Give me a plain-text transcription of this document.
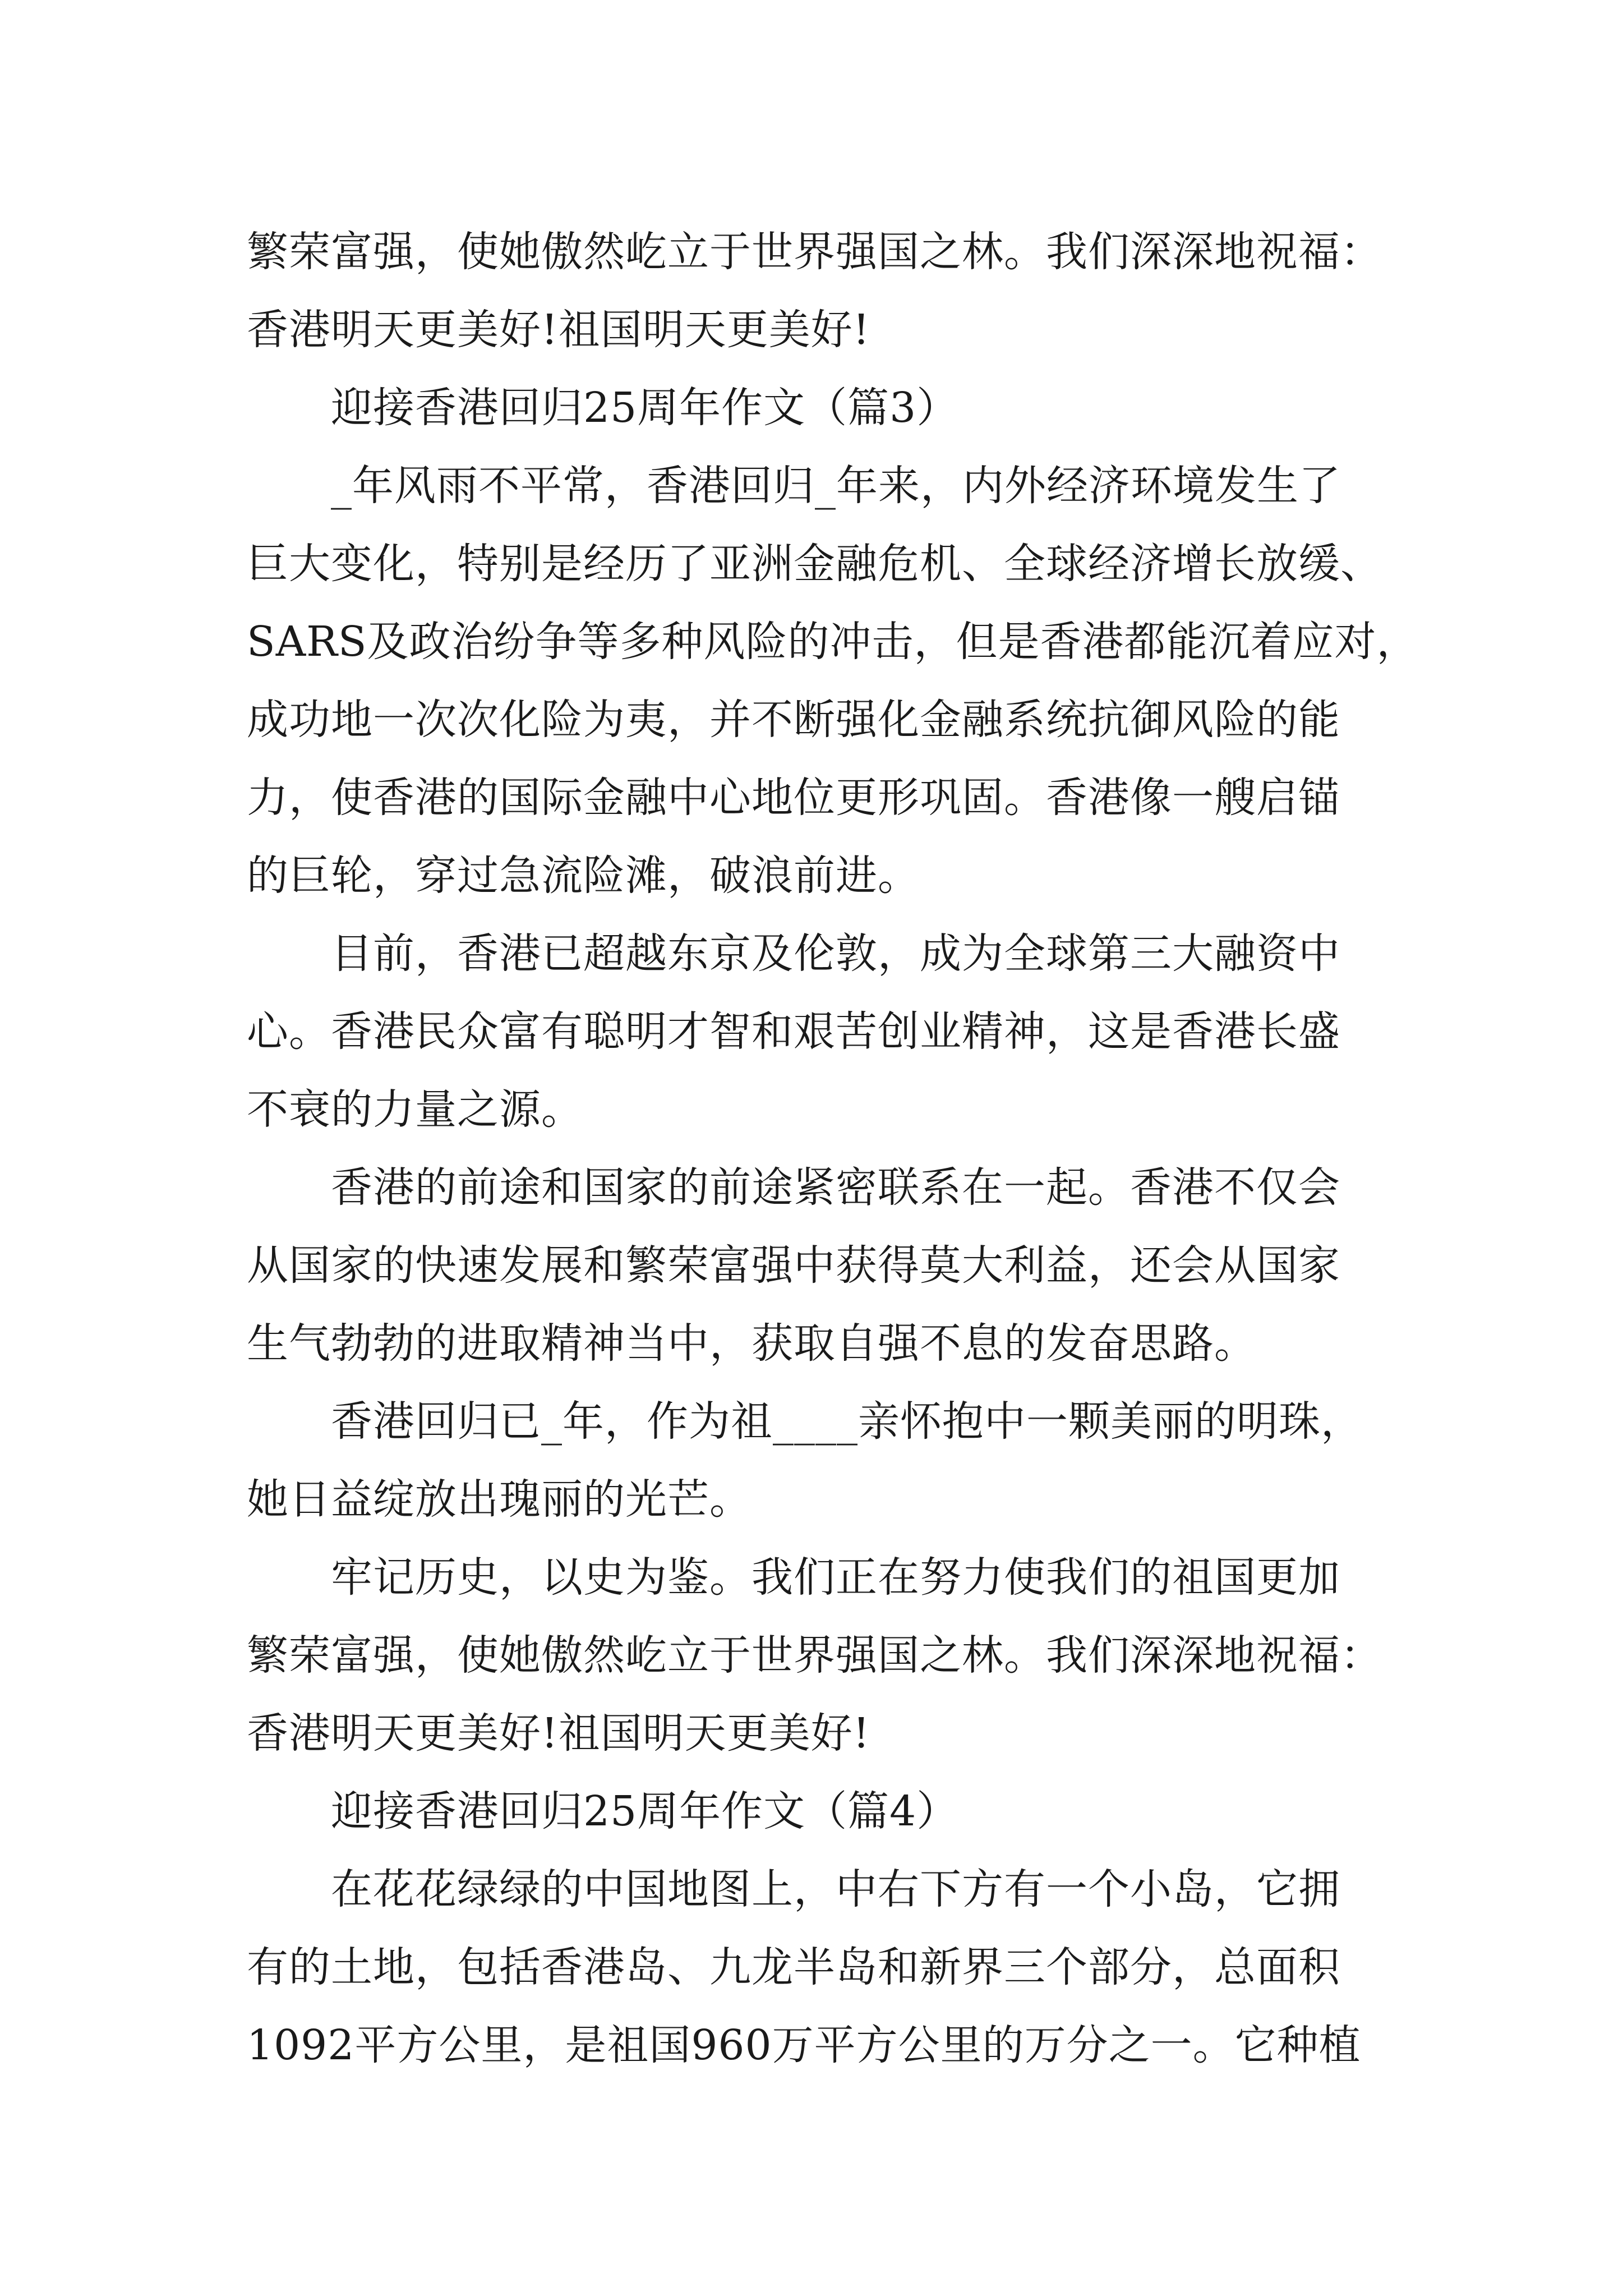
繁荣富强，使她傲然屹立于世界强国之林。我们深深地祝福：
香港明天更美好!祖国明天更美好!
迎接香港回归25周年作文（篇3）
_年风雨不平常，香港回归_年来，内外经济环境发生了
巨大变化，特别是经历了亚洲金融危机、全球经济增长放缓、
SARS及政治纷争等多种风险的冲击，但是香港都能沉着应对，
成功地一次次化险为夷，并不断强化金融系统抗御风险的能
力，使香港的国际金融中心地位更形巩固。香港像一艘启锚
的巨轮，穿过急流险滩，破浪前进。
目前，香港已超越东京及伦敦，成为全球第三大融资中
心。香港民众富有聪明才智和艰苦创业精神，这是香港长盛
不衰的力量之源。
香港的前途和国家的前途紧密联系在一起。香港不仅会
从国家的快速发展和繁荣富强中获得莫大利益，还会从国家
生气勃勃的进取精神当中，获取自强不息的发奋思路。
香港回归已_年，作为祖____亲怀抱中一颗美丽的明珠，
她日益绽放出瑰丽的光芒。
牢记历史，以史为鉴。我们正在努力使我们的祖国更加
繁荣富强，使她傲然屹立于世界强国之林。我们深深地祝福：
香港明天更美好!祖国明天更美好!
迎接香港回归25周年作文（篇4）
在花花绿绿的中国地图上，中右下方有一个小岛，它拥
有的土地，包括香港岛、九龙半岛和新界三个部分，总面积
1092平方公里，是祖国960万平方公里的万分之一。它种植
